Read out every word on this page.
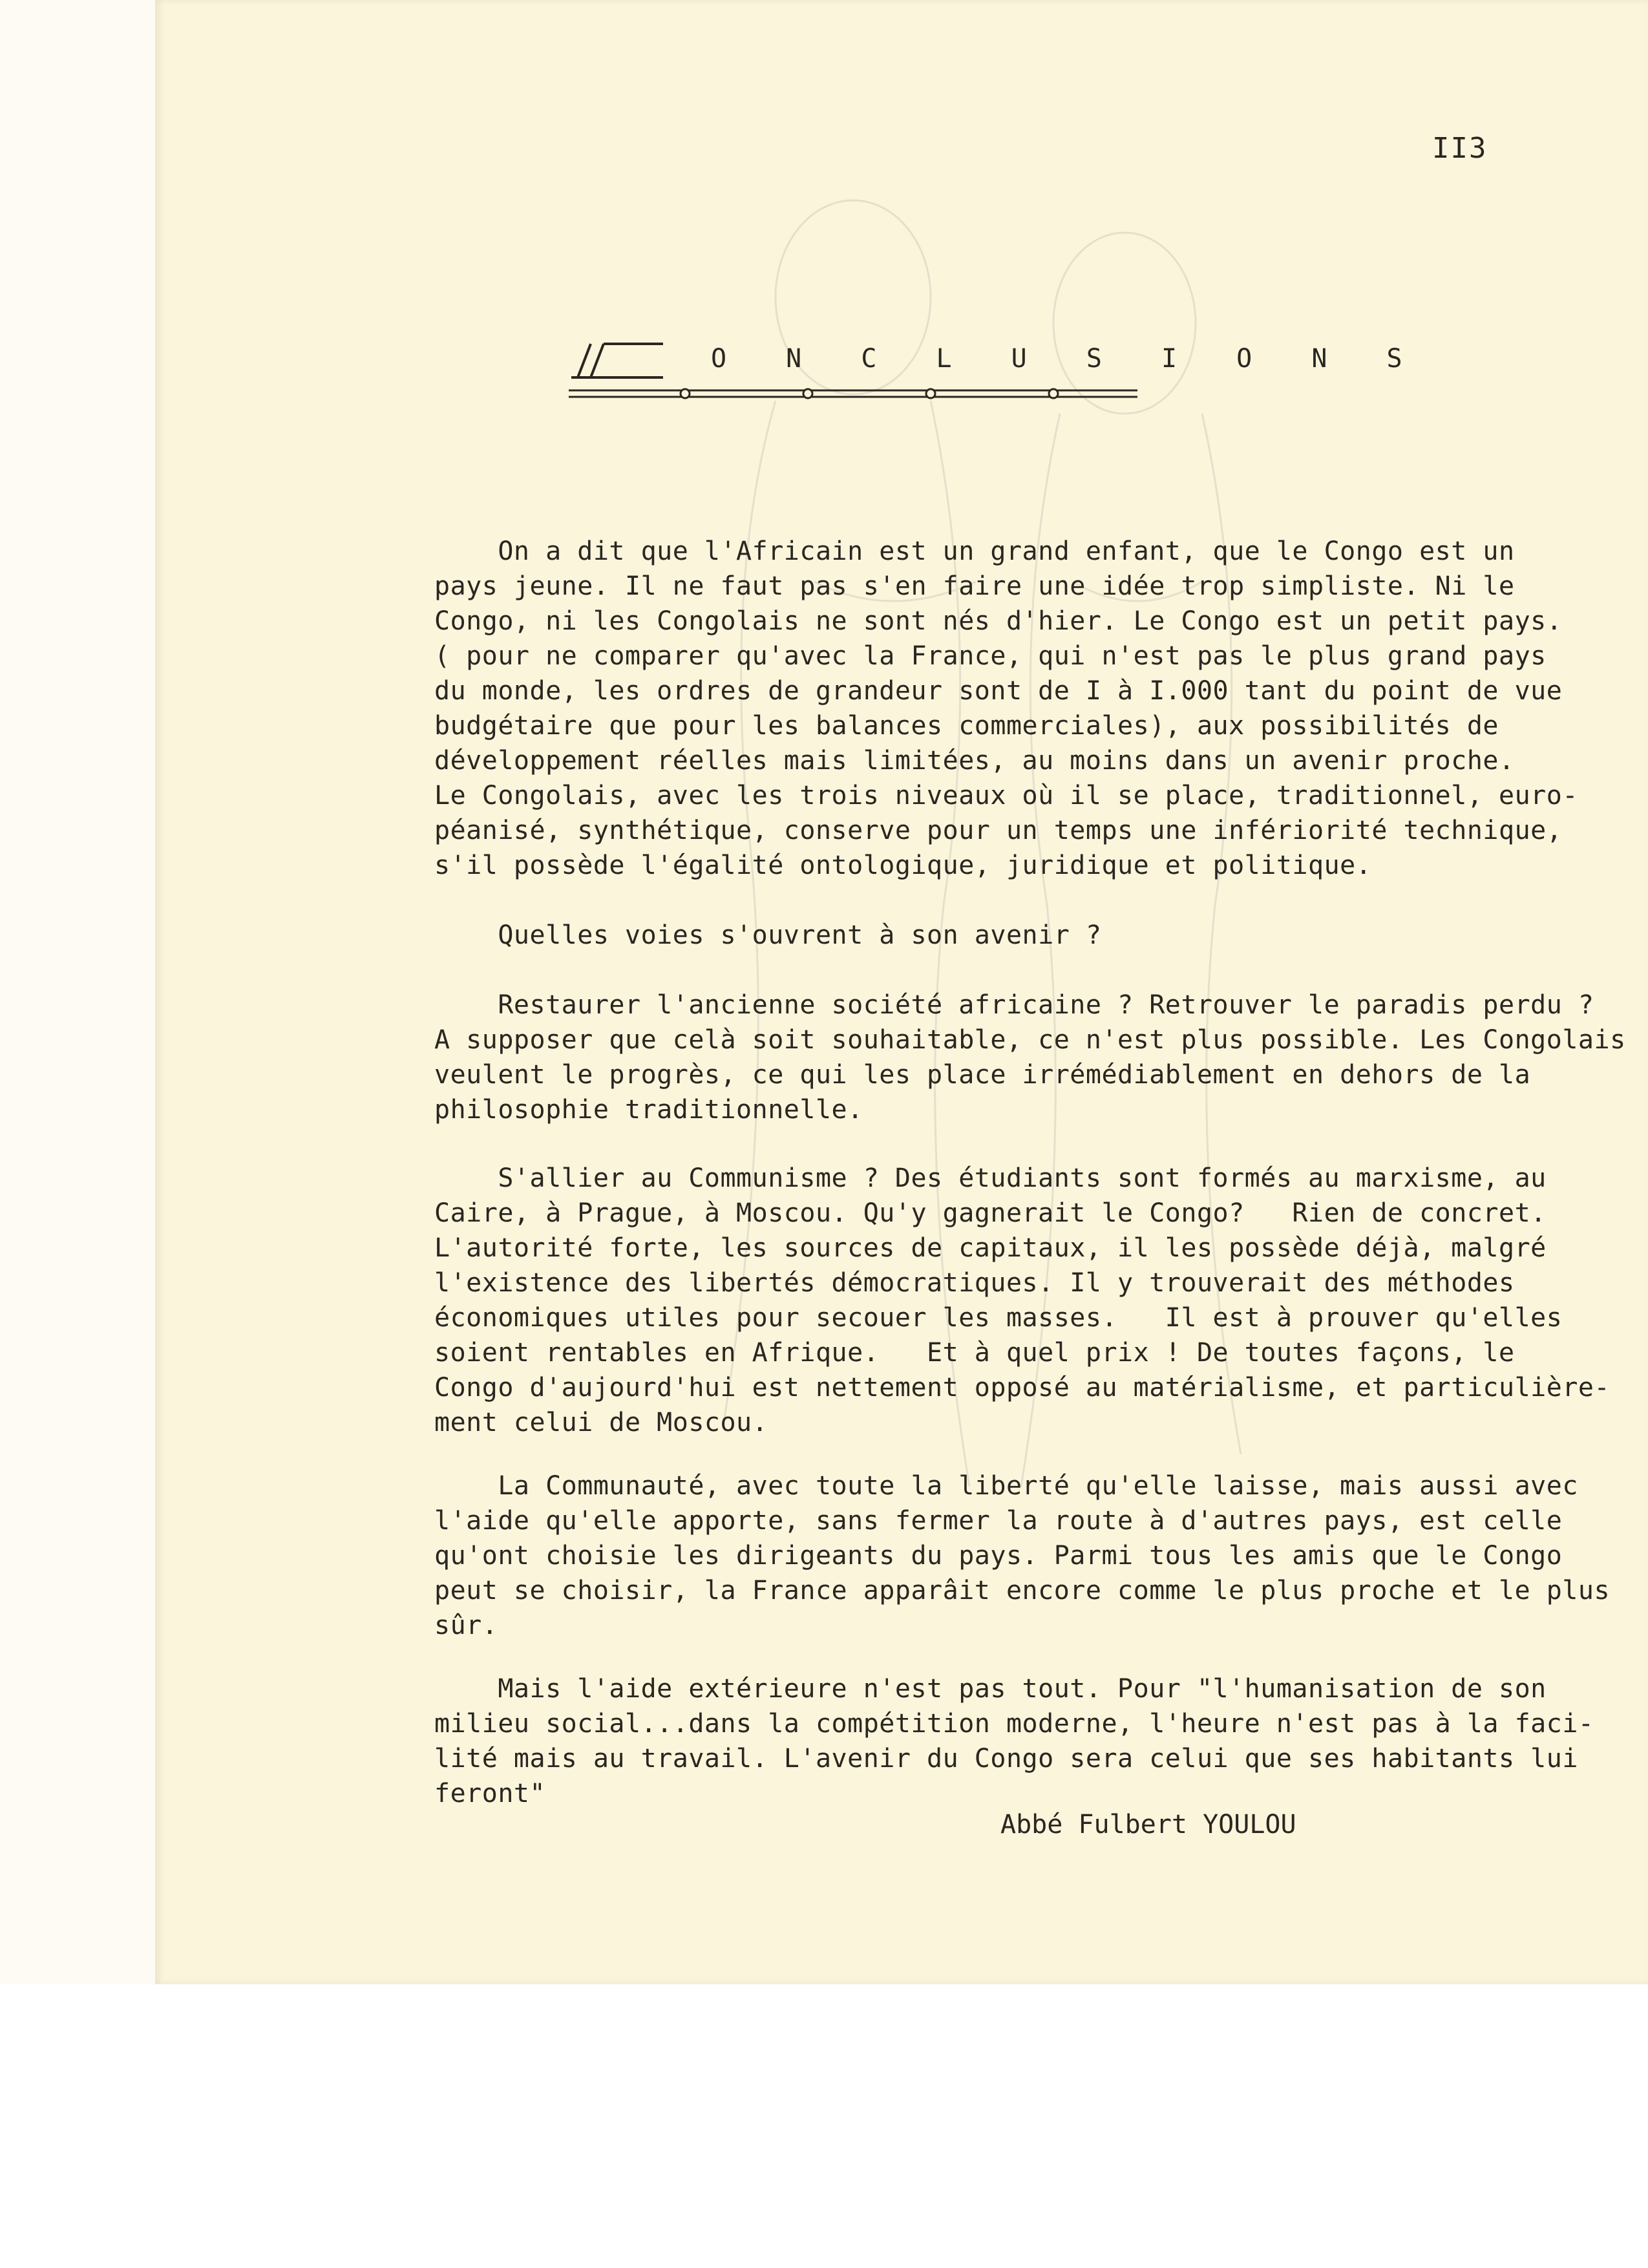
II3
O N C L U S I O N S
On a dit que l'Africain est un grand enfant, que le Congo est un
pays jeune. Il ne faut pas s'en faire une idée trop simpliste. Ni le
Congo, ni les Congolais ne sont nés d'hier. Le Congo est un petit pays.
( pour ne comparer qu'avec la France, qui n'est pas le plus grand pays
du monde, les ordres de grandeur sont de I à I.000 tant du point de vue
budgétaire que pour les balances commerciales), aux possibilités de
développement réelles mais limitées, au moins dans un avenir proche.
Le Congolais, avec les trois niveaux où il se place, traditionnel, euro-
péanisé, synthétique, conserve pour un temps une infériorité technique,
s'il possède l'égalité ontologique, juridique et politique.
Quelles voies s'ouvrent à son avenir ?
Restaurer l'ancienne société africaine ? Retrouver le paradis perdu ?
A supposer que celà soit souhaitable, ce n'est plus possible. Les Congolais
veulent le progrès, ce qui les place irrémédiablement en dehors de la
philosophie traditionnelle.
S'allier au Communisme ? Des étudiants sont formés au marxisme, au
Caire, à Prague, à Moscou. Qu'y gagnerait le Congo?   Rien de concret.
L'autorité forte, les sources de capitaux, il les possède déjà, malgré
l'existence des libertés démocratiques. Il y trouverait des méthodes
économiques utiles pour secouer les masses.   Il est à prouver qu'elles
soient rentables en Afrique.   Et à quel prix ! De toutes façons, le
Congo d'aujourd'hui est nettement opposé au matérialisme, et particulière-
ment celui de Moscou.
La Communauté, avec toute la liberté qu'elle laisse, mais aussi avec
l'aide qu'elle apporte, sans fermer la route à d'autres pays, est celle
qu'ont choisie les dirigeants du pays. Parmi tous les amis que le Congo
peut se choisir, la France apparâit encore comme le plus proche et le plus
sûr.
Mais l'aide extérieure n'est pas tout. Pour "l'humanisation de son
milieu social...dans la compétition moderne, l'heure n'est pas à la faci-
lité mais au travail. L'avenir du Congo sera celui que ses habitants lui
feront"
Abbé Fulbert YOULOU
